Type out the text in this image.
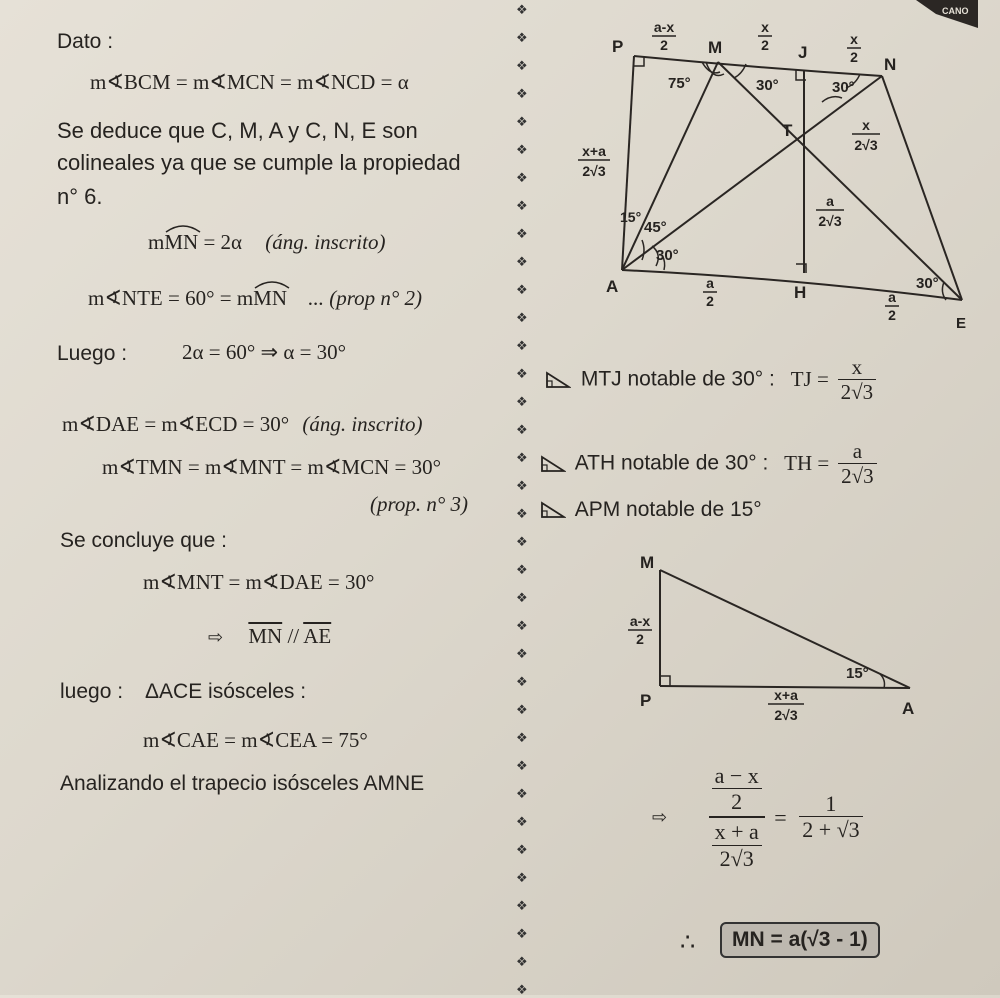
CANO
❖
❖
❖
❖
❖
❖
❖
❖
❖
❖
❖
❖
❖
❖
❖
❖
❖
❖
❖
❖
❖
❖
❖
❖
❖
❖
❖
❖
❖
❖
❖
❖
❖
❖
❖
❖
Dato :
m∢BCM = m∢MCN = m∢NCD = α
Se deduce que C, M, A y C, N, E son
colineales ya que se cumple la propiedad
n° 6.
m
MN = 2α (áng. inscrito)
m∢NTE = 60° = m
MN ... (prop n° 2)
Luego :	2α = 60° ⇒ α = 30°
m∢DAE = m∢ECD = 30° (áng. inscrito)
m∢TMN = m∢MNT = m∢MCN = 30°
(prop. n° 3)
Se concluye que :
m∢MNT = m∢DAE = 30°
⇨ $\overline{MN} // \overline{AE}$
luego : ΔACE isósceles :
m∢CAE = m∢CEA = 75°
Analizando el trapecio isósceles AMNE
P	M	J
N
T
A	H
E
a-x
2
x
2	x
2
x+a
2√3
x
2√3
a
2√3
a
2	a
2
75°	30°	30°
15°
45°
30°
30°
MTJ notable de 30° : TJ = $\frac{x}{2√3}$
ATH notable de 30° : TH = $\frac{a}{2√3}$
APM notable de 15°
M
P	A
a-x
2
15°
x+a
2√3
⇨ $\frac{\frac{a - x}{2}}{\frac{x + a}{2√3}} = \frac{1}{2 + √3}$
∴	MN = a(√3 - 1)
